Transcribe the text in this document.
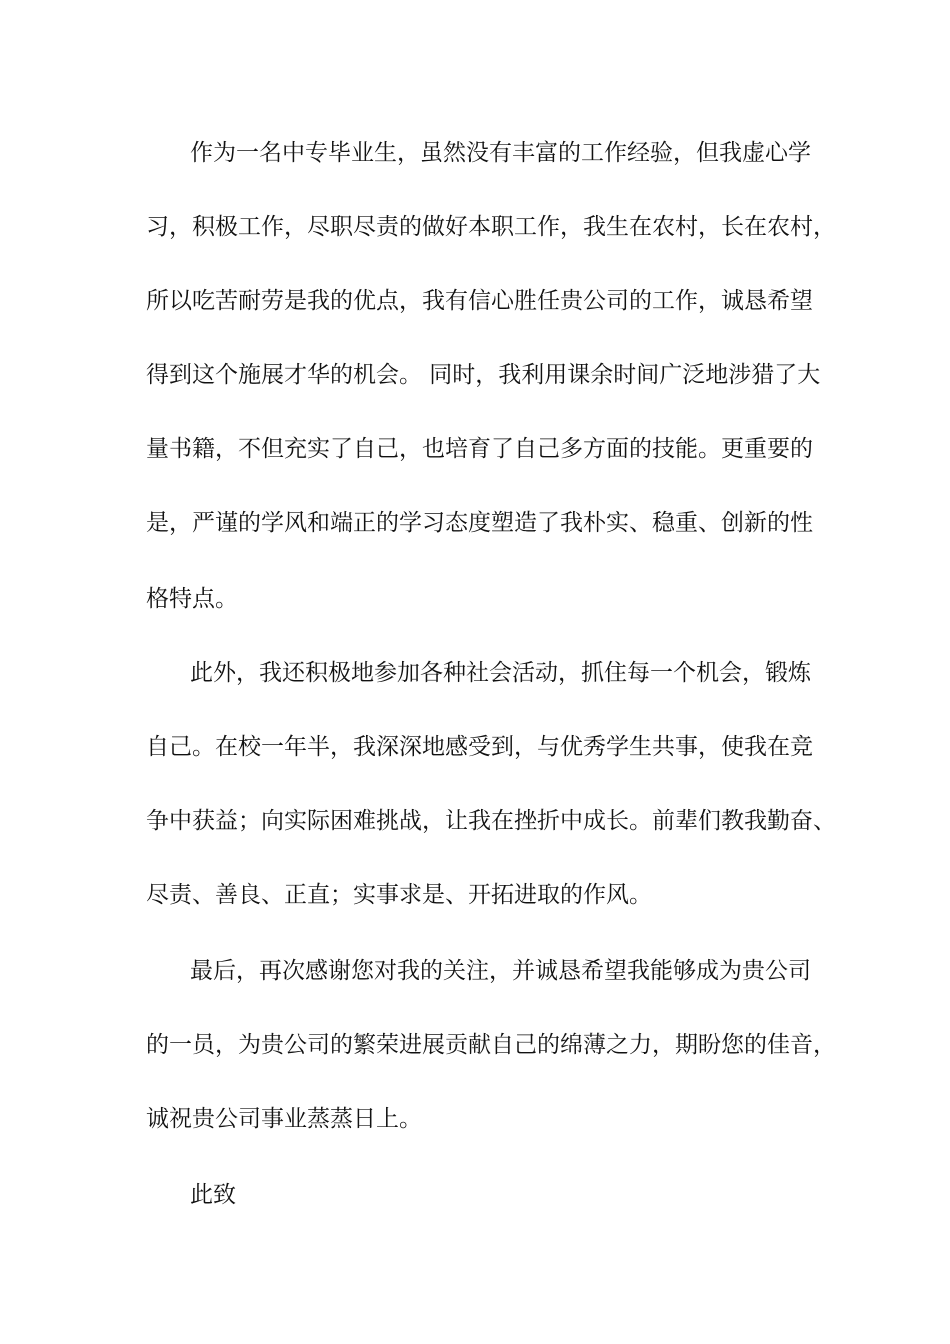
作为一名中专毕业生，虽然没有丰富的工作经验，但我虚心学

习，积极工作，尽职尽责的做好本职工作，我生在农村，长在农村，

所以吃苦耐劳是我的优点，我有信心胜任贵公司的工作，诚恳希望

得到这个施展才华的机会。 同时，我利用课余时间广泛地涉猎了大

量书籍，不但充实了自己，也培育了自己多方面的技能。更重要的

是，严谨的学风和端正的学习态度塑造了我朴实、稳重、创新的性

格特点。

此外，我还积极地参加各种社会活动，抓住每一个机会，锻炼

自己。在校一年半，我深深地感受到，与优秀学生共事，使我在竞

争中获益；向实际困难挑战，让我在挫折中成长。前辈们教我勤奋、

尽责、善良、正直；实事求是、开拓进取的作风。

最后，再次感谢您对我的关注，并诚恳希望我能够成为贵公司

的一员，为贵公司的繁荣进展贡献自己的绵薄之力，期盼您的佳音，

诚祝贵公司事业蒸蒸日上。

此致
